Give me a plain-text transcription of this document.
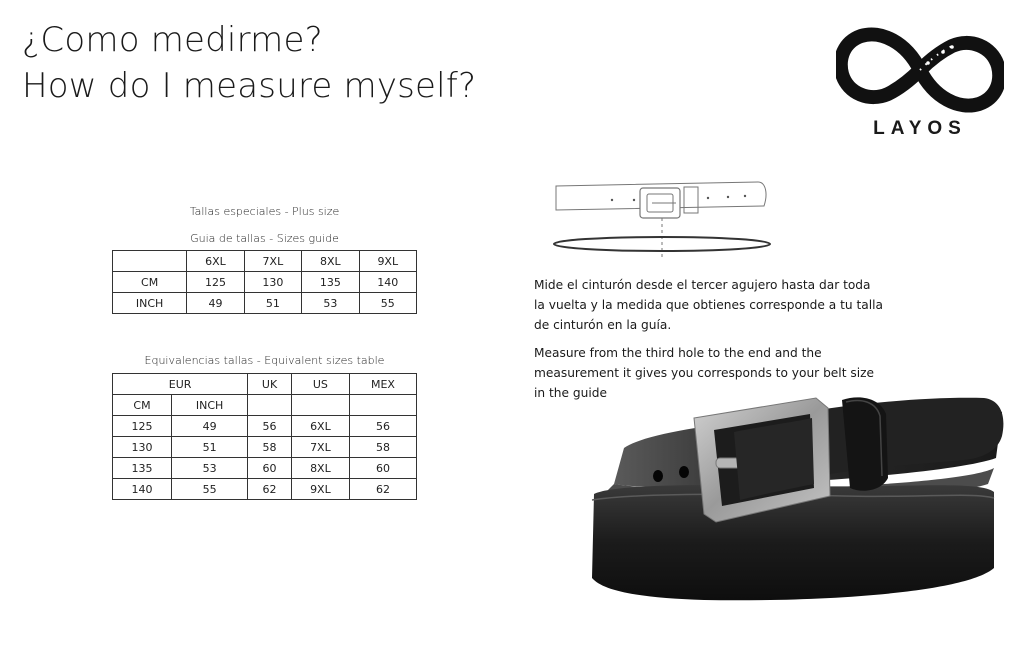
¿Como medirme?
How do I measure myself?
LAYOS
Tallas especiales - Plus size
Guia de tallas - Sizes guide
	6XL	7XL	8XL	9XL
CM	125	130	135	140
INCH	49	51	53	55
Equivalencias tallas - Equivalent sizes table
EUR		UK	US	MEX
CM	INCH			
125	49	56	6XL	56
130	51	58	7XL	58
135	53	60	8XL	60
140	55	62	9XL	62

Mide el cinturón desde el tercer agujero hasta dar toda la vuelta y la medida que obtienes corresponde a tu talla de cinturón en la guía.

Measure from the third hole to the end and the measurement it gives you corresponds to your belt size in the guide
